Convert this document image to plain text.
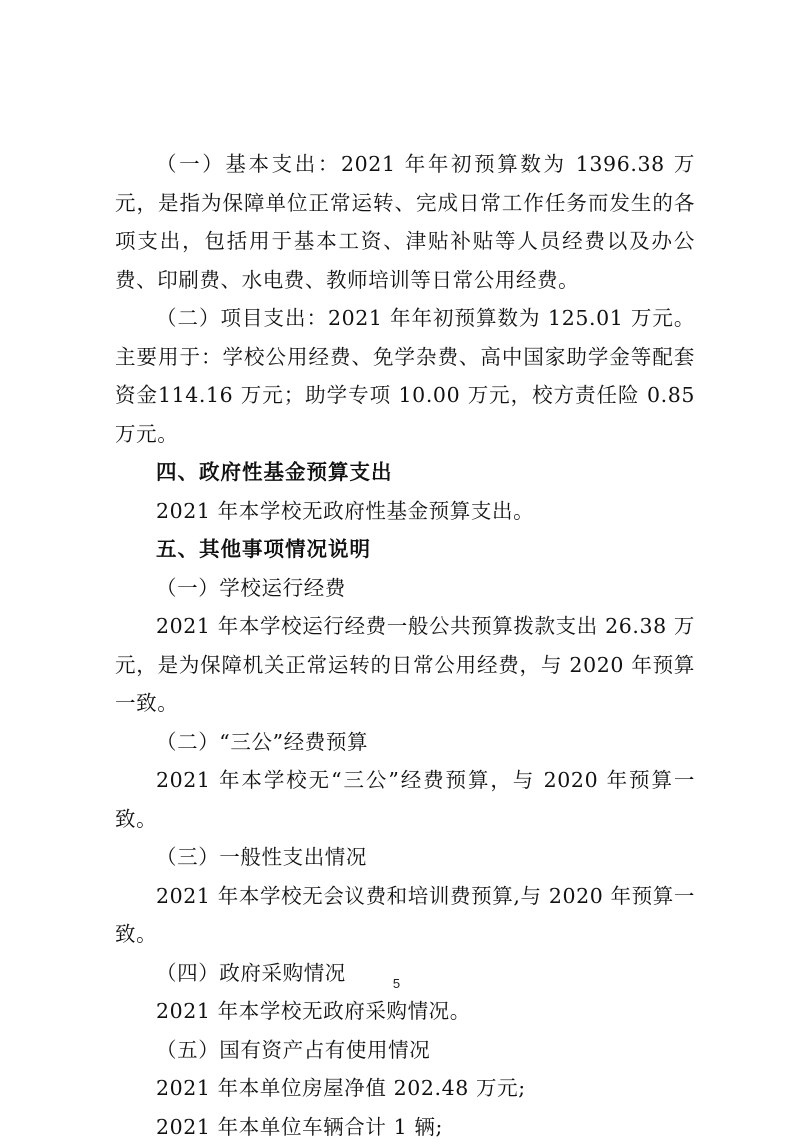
（一）基本支出：2021 年年初预算数为 1396.38 万元，是指为保障单位正常运转、完成日常工作任务而发生的各项支出，包括用于基本工资、津贴补贴等人员经费以及办公费、印刷费、水电费、教师培训等日常公用经费。

（二）项目支出：2021 年年初预算数为 125.01 万元。主要用于：学校公用经费、免学杂费、高中国家助学金等配套资金114.16 万元；助学专项 10.00 万元，校方责任险 0.85 万元。

四、政府性基金预算支出

2021 年本学校无政府性基金预算支出。

五、其他事项情况说明

（一）学校运行经费

2021 年本学校运行经费一般公共预算拨款支出 26.38 万元，是为保障机关正常运转的日常公用经费，与 2020 年预算一致。

（二）“三公”经费预算

2021 年本学校无“三公”经费预算，与 2020 年预算一致。

（三）一般性支出情况

2021 年本学校无会议费和培训费预算,与 2020 年预算一致。

（四）政府采购情况

2021 年本学校无政府采购情况。

（五）国有资产占有使用情况

2021 年本单位房屋净值 202.48 万元;

2021 年本单位车辆合计 1 辆;

5
